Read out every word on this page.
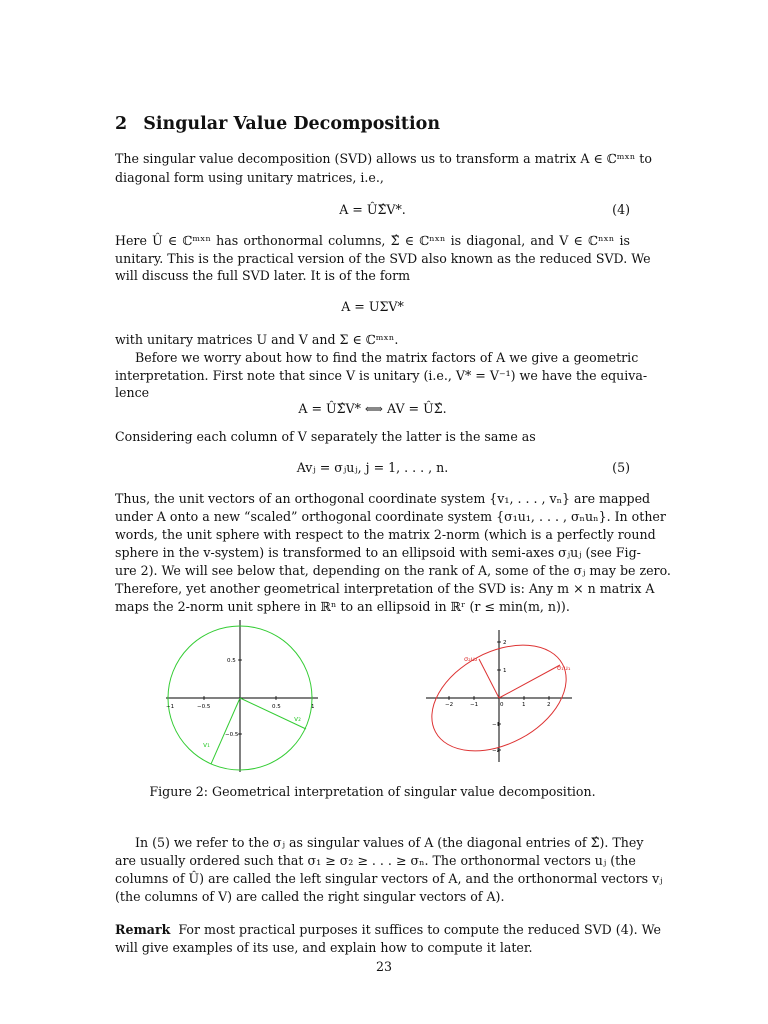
2 Singular Value Decomposition
The singular value decomposition (SVD) allows us to transform a matrix A ∈ ℂᵐˣⁿ to
diagonal form using unitary matrices, i.e.,
A = ÛΣ̂V*.	(4)
Here Û ∈ ℂᵐˣⁿ has orthonormal columns, Σ̂ ∈ ℂⁿˣⁿ is diagonal, and V ∈ ℂⁿˣⁿ is
unitary. This is the practical version of the SVD also known as the reduced SVD. We
will discuss the full SVD later. It is of the form
A = UΣV*
with unitary matrices U and V and Σ ∈ ℂᵐˣⁿ.
Before we worry about how to find the matrix factors of A we give a geometric
interpretation. First note that since V is unitary (i.e., V* = V⁻¹) we have the equiva-
lence
A = ÛΣ̂V* ⟺ AV = ÛΣ̂.
Considering each column of V separately the latter is the same as
Avⱼ = σⱼuⱼ, j = 1, . . . , n.	(5)
Thus, the unit vectors of an orthogonal coordinate system {v₁, . . . , vₙ} are mapped
under A onto a new “scaled” orthogonal coordinate system {σ₁u₁, . . . , σₙuₙ}. In other
words, the unit sphere with respect to the matrix 2-norm (which is a perfectly round
sphere in the v-system) is transformed to an ellipsoid with semi-axes σⱼuⱼ (see Fig-
ure 2). We will see below that, depending on the rank of A, some of the σⱼ may be zero.
Therefore, yet another geometrical interpretation of the SVD is: Any m × n matrix A
maps the 2-norm unit sphere in ℝⁿ to an ellipsoid in ℝʳ (r ≤ min(m, n)).
−1	−0.5	0.5	1
0.5
−0.5
v₁
v₂
σ₂u₂
σ₁u₁
−2	−1	0	1	2
2
1
−1
−2
Figure 2: Geometrical interpretation of singular value decomposition.
In (5) we refer to the σⱼ as singular values of A (the diagonal entries of Σ̂). They
are usually ordered such that σ₁ ≥ σ₂ ≥ . . . ≥ σₙ. The orthonormal vectors uⱼ (the
columns of Û) are called the left singular vectors of A, and the orthonormal vectors vⱼ
(the columns of V) are called the right singular vectors of A).
Remark For most practical purposes it suffices to compute the reduced SVD (4). We
will give examples of its use, and explain how to compute it later.
23
